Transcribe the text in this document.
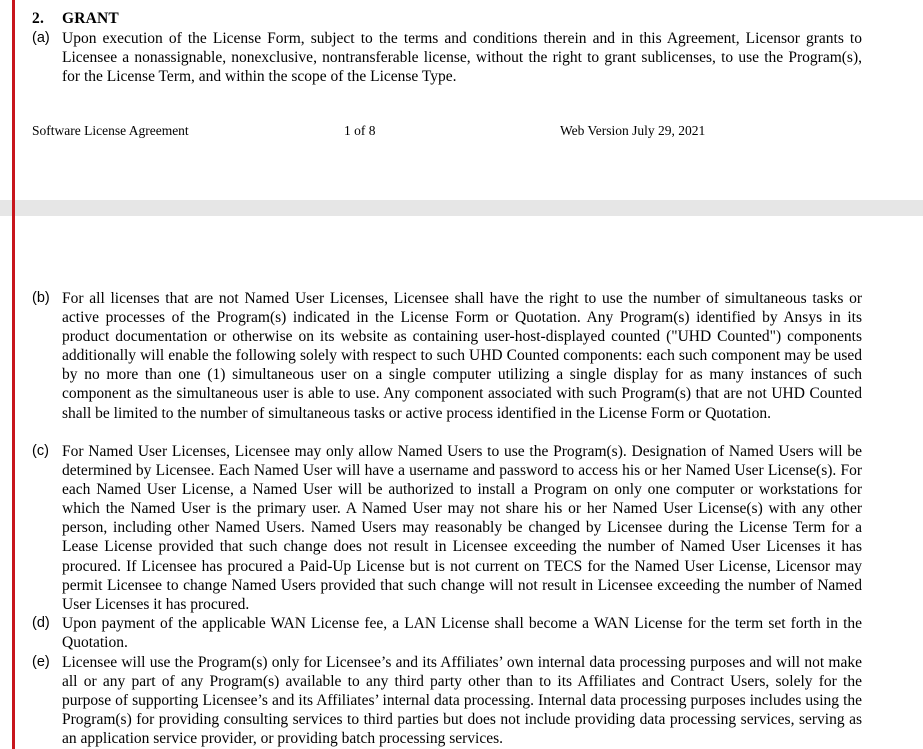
2. GRANT
(a) Upon execution of the License Form, subject to the terms and conditions therein and in this Agreement, Licensor grants to Licensee a nonassignable, nonexclusive, nontransferable license, without the right to grant sublicenses, to use the Program(s), for the License Term, and within the scope of the License Type.
Software License Agreement	1 of 8	Web Version July 29, 2021
(b) For all licenses that are not Named User Licenses, Licensee shall have the right to use the number of simultaneous tasks or active processes of the Program(s) indicated in the License Form or Quotation. Any Program(s) identified by Ansys in its product documentation or otherwise on its website as containing user-host-displayed counted ("UHD Counted") components additionally will enable the following solely with respect to such UHD Counted components: each such component may be used by no more than one (1) simultaneous user on a single computer utilizing a single display for as many instances of such component as the simultaneous user is able to use. Any component associated with such Program(s) that are not UHD Counted shall be limited to the number of simultaneous tasks or active process identified in the License Form or Quotation.
(c) For Named User Licenses, Licensee may only allow Named Users to use the Program(s). Designation of Named Users will be determined by Licensee. Each Named User will have a username and password to access his or her Named User License(s). For each Named User License, a Named User will be authorized to install a Program on only one computer or workstations for which the Named User is the primary user. A Named User may not share his or her Named User License(s) with any other person, including other Named Users. Named Users may reasonably be changed by Licensee during the License Term for a Lease License provided that such change does not result in Licensee exceeding the number of Named User Licenses it has procured. If Licensee has procured a Paid-Up License but is not current on TECS for the Named User License, Licensor may permit Licensee to change Named Users provided that such change will not result in Licensee exceeding the number of Named User Licenses it has procured.
(d) Upon payment of the applicable WAN License fee, a LAN License shall become a WAN License for the term set forth in the Quotation.
(e) Licensee will use the Program(s) only for Licensee’s and its Affiliates’ own internal data processing purposes and will not make all or any part of any Program(s) available to any third party other than to its Affiliates and Contract Users, solely for the purpose of supporting Licensee’s and its Affiliates’ internal data processing. Internal data processing purposes includes using the Program(s) for providing consulting services to third parties but does not include providing data processing services, serving as an application service provider, or providing batch processing services.
